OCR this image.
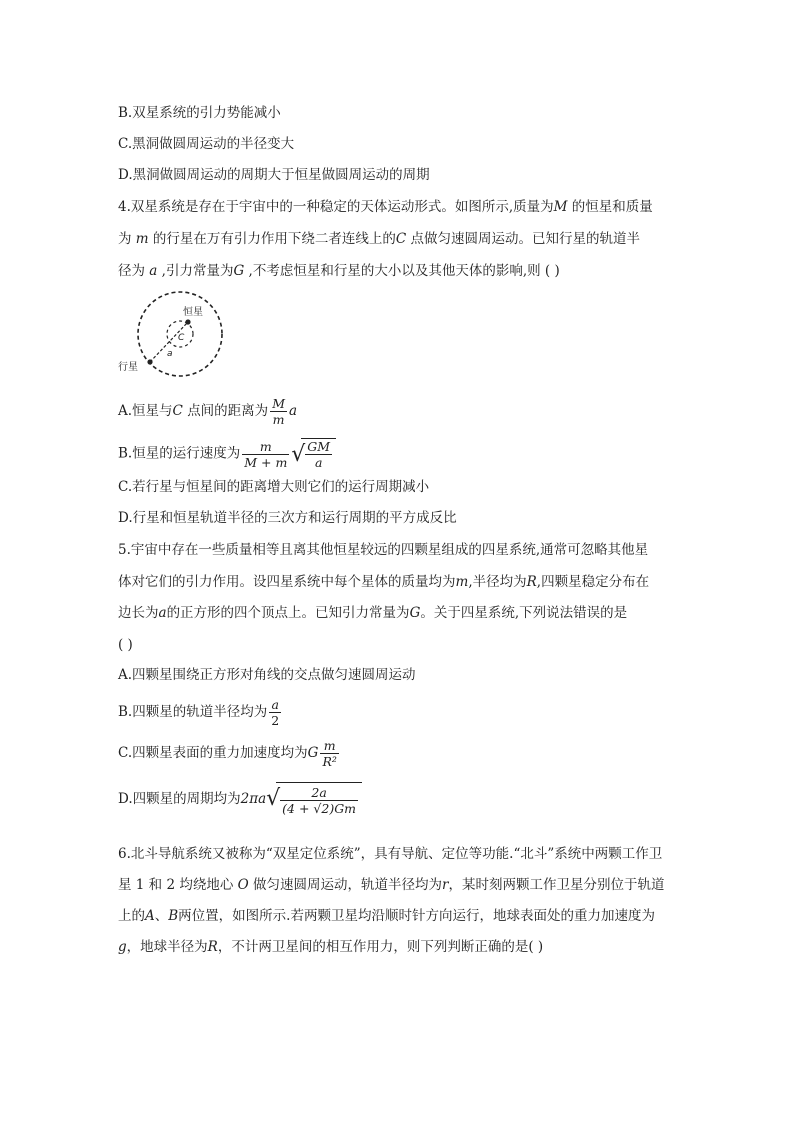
B.双星系统的引力势能减小
C.黑洞做圆周运动的半径变大
D.黑洞做圆周运动的周期大于恒星做圆周运动的周期
4.双星系统是存在于宇宙中的一种稳定的天体运动形式。如图所示,质量为M 的恒星和质量
为 m 的行星在万有引力作用下绕二者连线上的C 点做匀速圆周运动。已知行星的轨道半
径为 a ,引力常量为G ,不考虑恒星和行星的大小以及其他天体的影响,则 ( )
恒星
C
a
行星
A.恒星与C 点间的距离为 $\frac{M}{m}$ a
B.恒星的运行速度为 $\frac{m}{M + m}$ √ $\frac{GM}{a}$
C.若行星与恒星间的距离增大则它们的运行周期减小
D.行星和恒星轨道半径的三次方和运行周期的平方成反比
5.宇宙中存在一些质量相等且离其他恒星较远的四颗星组成的四星系统,通常可忽略其他星
体对它们的引力作用。设四星系统中每个星体的质量均为m,半径均为R,四颗星稳定分布在
边长为a的正方形的四个顶点上。已知引力常量为G。关于四星系统,下列说法错误的是
( )
A.四颗星围绕正方形对角线的交点做匀速圆周运动
B.四颗星的轨道半径均为 $\frac{a}{2}$
C.四颗星表面的重力加速度均为G $\frac{m}{\text{R²}}$
D.四颗星的周期均为2πa √ $\frac{2a}{(4 + √2)Gm}$
6.北斗导航系统又被称为“双星定位系统”，具有导航、定位等功能.“北斗”系统中两颗工作卫
星 1 和 2 均绕地心 O 做匀速圆周运动，轨道半径均为r，某时刻两颗工作卫星分别位于轨道
上的A、B两位置，如图所示.若两颗卫星均沿顺时针方向运行，地球表面处的重力加速度为
g，地球半径为R，不计两卫星间的相互作用力，则下列判断正确的是( )
